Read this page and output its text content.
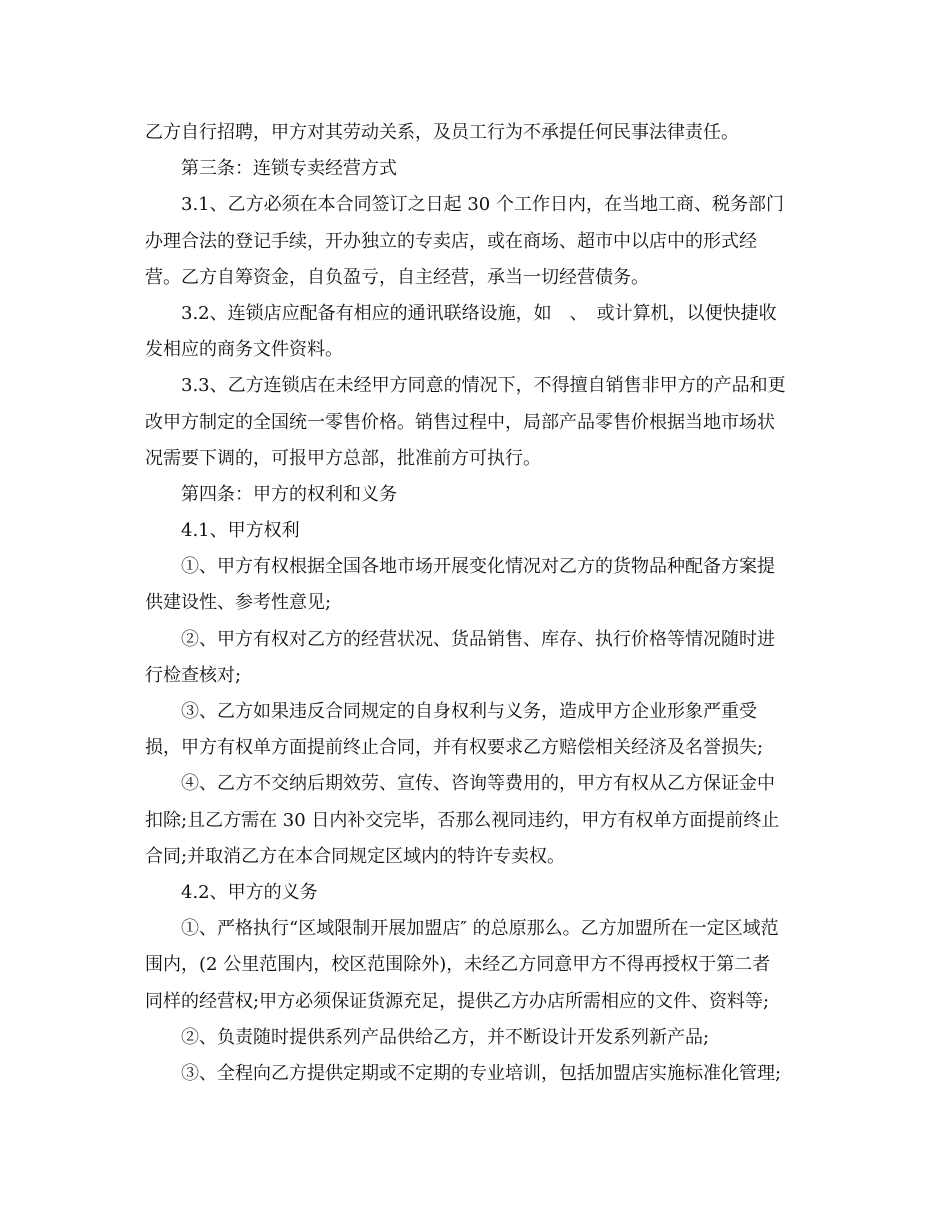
乙方自行招聘，甲方对其劳动关系，及员工行为不承提任何民事法律责任。
第三条：连锁专卖经营方式
3.1、乙方必须在本合同签订之日起 30 个工作日内，在当地工商、税务部门
办理合法的登记手续，开办独立的专卖店，或在商场、超市中以店中的形式经
营。乙方自筹资金，自负盈亏，自主经营，承当一切经营债务。
3.2、连锁店应配备有相应的通讯联络设施，如　、　或计算机，以便快捷收
发相应的商务文件资料。
3.3、乙方连锁店在未经甲方同意的情况下，不得擅自销售非甲方的产品和更
改甲方制定的全国统一零售价格。销售过程中，局部产品零售价根据当地市场状
况需要下调的，可报甲方总部，批准前方可执行。
第四条：甲方的权利和义务
4.1、甲方权利
①、甲方有权根据全国各地市场开展变化情况对乙方的货物品种配备方案提
供建设性、参考性意见;
②、甲方有权对乙方的经营状况、货品销售、库存、执行价格等情况随时进
行检查核对;
③、乙方如果违反合同规定的自身权利与义务，造成甲方企业形象严重受
损，甲方有权单方面提前终止合同，并有权要求乙方赔偿相关经济及名誉损失;
④、乙方不交纳后期效劳、宣传、咨询等费用的，甲方有权从乙方保证金中
扣除;且乙方需在 30 日内补交完毕，否那么视同违约，甲方有权单方面提前终止
合同;并取消乙方在本合同规定区域内的特许专卖权。
4.2、甲方的义务
①、严格执行“区域限制开展加盟店″ 的总原那么。乙方加盟所在一定区域范
围内，(2 公里范围内，校区范围除外)，未经乙方同意甲方不得再授权于第二者
同样的经营权;甲方必须保证货源充足，提供乙方办店所需相应的文件、资料等;
②、负责随时提供系列产品供给乙方，并不断设计开发系列新产品;
③、全程向乙方提供定期或不定期的专业培训，包括加盟店实施标准化管理;
